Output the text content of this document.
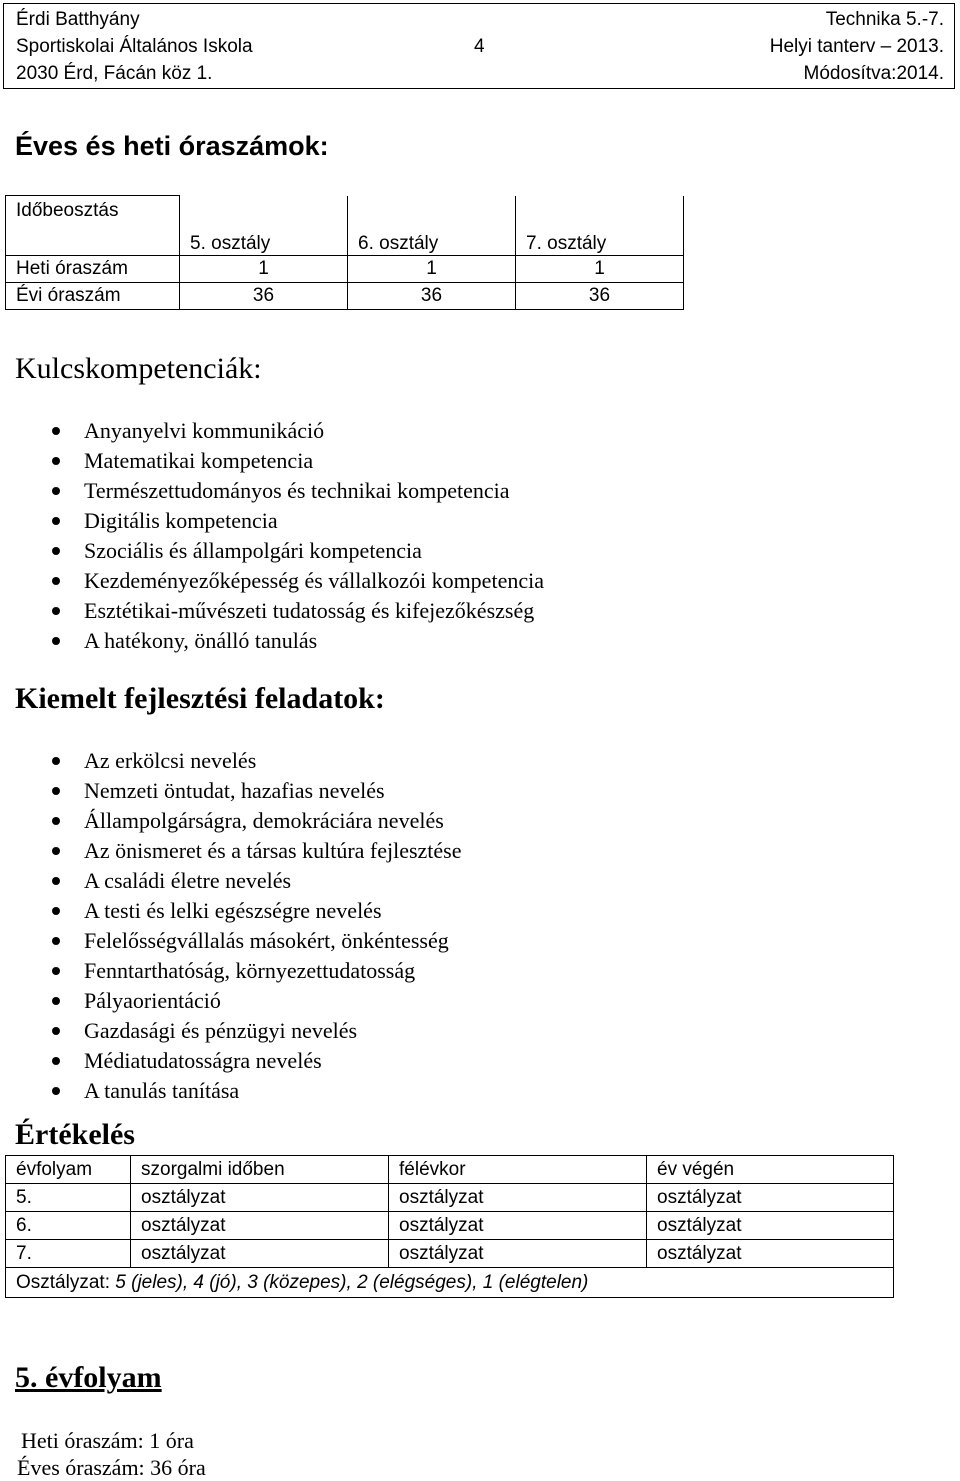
Érdi Batthyány
Sportiskolai Általános Iskola
2030 Érd, Fácán köz 1.
4
Technika 5.-7.
Helyi tanterv – 2013.
Módosítva:2014.
Éves és heti óraszámok:
Időbeosztás	5. osztály	6. osztály	7. osztály
Heti óraszám	1	1	1
Évi óraszám	36	36	36
Kulcskompetenciák:
Anyanyelvi kommunikáció
Matematikai kompetencia
Természettudományos és technikai kompetencia
Digitális kompetencia
Szociális és állampolgári kompetencia
Kezdeményezőképesség és vállalkozói kompetencia
Esztétikai-művészeti tudatosság és kifejezőkészség
A hatékony, önálló tanulás
Kiemelt fejlesztési feladatok:
Az erkölcsi nevelés
Nemzeti öntudat, hazafias nevelés
Állampolgárságra, demokráciára nevelés
Az önismeret és a társas kultúra fejlesztése
A családi életre nevelés
A testi és lelki egészségre nevelés
Felelősségvállalás másokért, önkéntesség
Fenntarthatóság, környezettudatosság
Pályaorientáció
Gazdasági és pénzügyi nevelés
Médiatudatosságra nevelés
A tanulás tanítása
Értékelés
évfolyam	szorgalmi időben	félévkor	év végén
5.	osztályzat	osztályzat	osztályzat
6.	osztályzat	osztályzat	osztályzat
7.	osztályzat	osztályzat	osztályzat
Osztályzat: 5 (jeles), 4 (jó), 3 (közepes), 2 (elégséges), 1 (elégtelen)			
5. évfolyam
Heti óraszám: 1 óra
Éves óraszám: 36 óra
